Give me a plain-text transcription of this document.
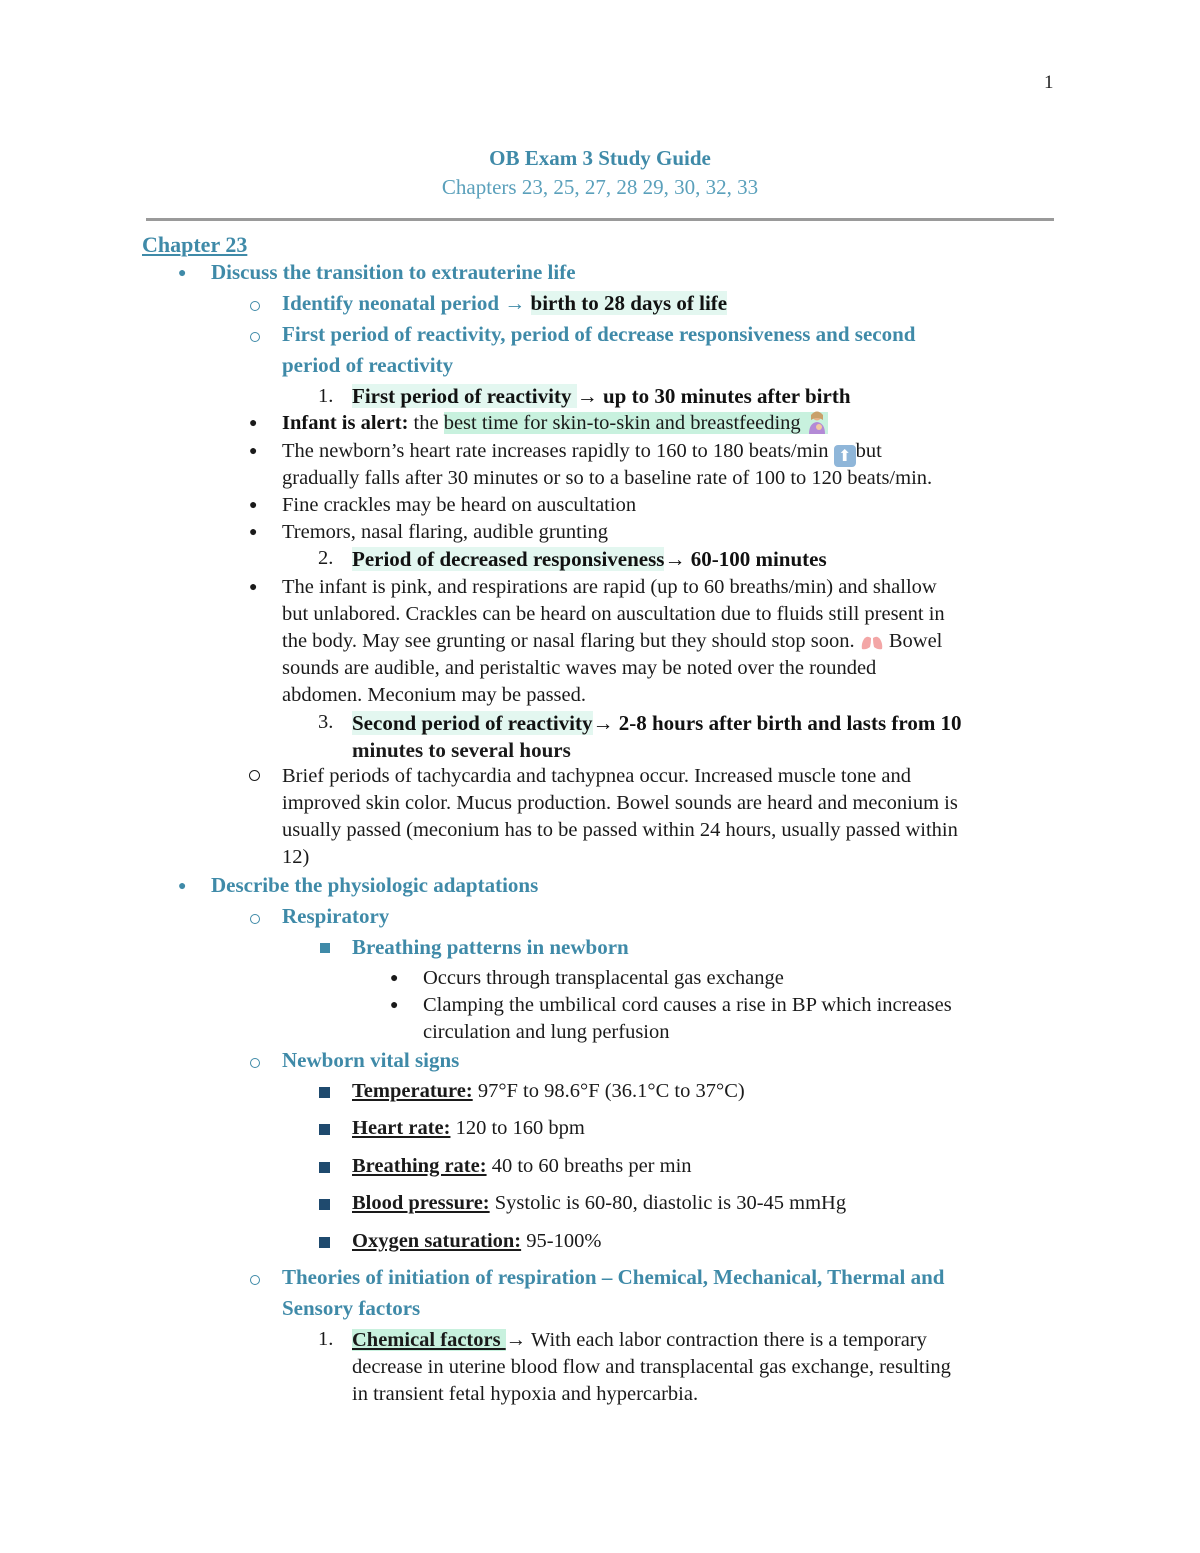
1
OB Exam 3 Study Guide
Chapters 23, 25, 27, 28 29, 30, 32, 33
Chapter 23
● Discuss the transition to extrauterine life
Identify neonatal period → birth to 28 days of life
First period of reactivity, period of decrease responsiveness and second
period of reactivity
1. First period of reactivity → up to 30 minutes after birth
● Infant is alert: the best time for skin-to-skin and breastfeeding
● The newborn’s heart rate increases rapidly to 160 to 180 beats/min ⬆ but
gradually falls after 30 minutes or so to a baseline rate of 100 to 120 beats/min.
● Fine crackles may be heard on auscultation
● Tremors, nasal flaring, audible grunting
2. Period of decreased responsiveness→ 60-100 minutes
● The infant is pink, and respirations are rapid (up to 60 breaths/min) and shallow
but unlabored. Crackles can be heard on auscultation due to fluids still present in
the body. May see grunting or nasal flaring but they should stop soon.  Bowel
sounds are audible, and peristaltic waves may be noted over the rounded
abdomen. Meconium may be passed.
3. Second period of reactivity→ 2-8 hours after birth and lasts from 10
minutes to several hours
Brief periods of tachycardia and tachypnea occur. Increased muscle tone and
improved skin color. Mucus production. Bowel sounds are heard and meconium is
usually passed (meconium has to be passed within 24 hours, usually passed within
12)
● Describe the physiologic adaptations
Respiratory
Breathing patterns in newborn
● Occurs through transplacental gas exchange
● Clamping the umbilical cord causes a rise in BP which increases
circulation and lung perfusion
Newborn vital signs
Temperature: 97°F to 98.6°F (36.1°C to 37°C)
Heart rate: 120 to 160 bpm
Breathing rate: 40 to 60 breaths per min
Blood pressure: Systolic is 60-80, diastolic is 30-45 mmHg
Oxygen saturation: 95-100%
Theories of initiation of respiration – Chemical, Mechanical, Thermal and
Sensory factors
1. Chemical factors → With each labor contraction there is a temporary
decrease in uterine blood flow and transplacental gas exchange, resulting
in transient fetal hypoxia and hypercarbia.
